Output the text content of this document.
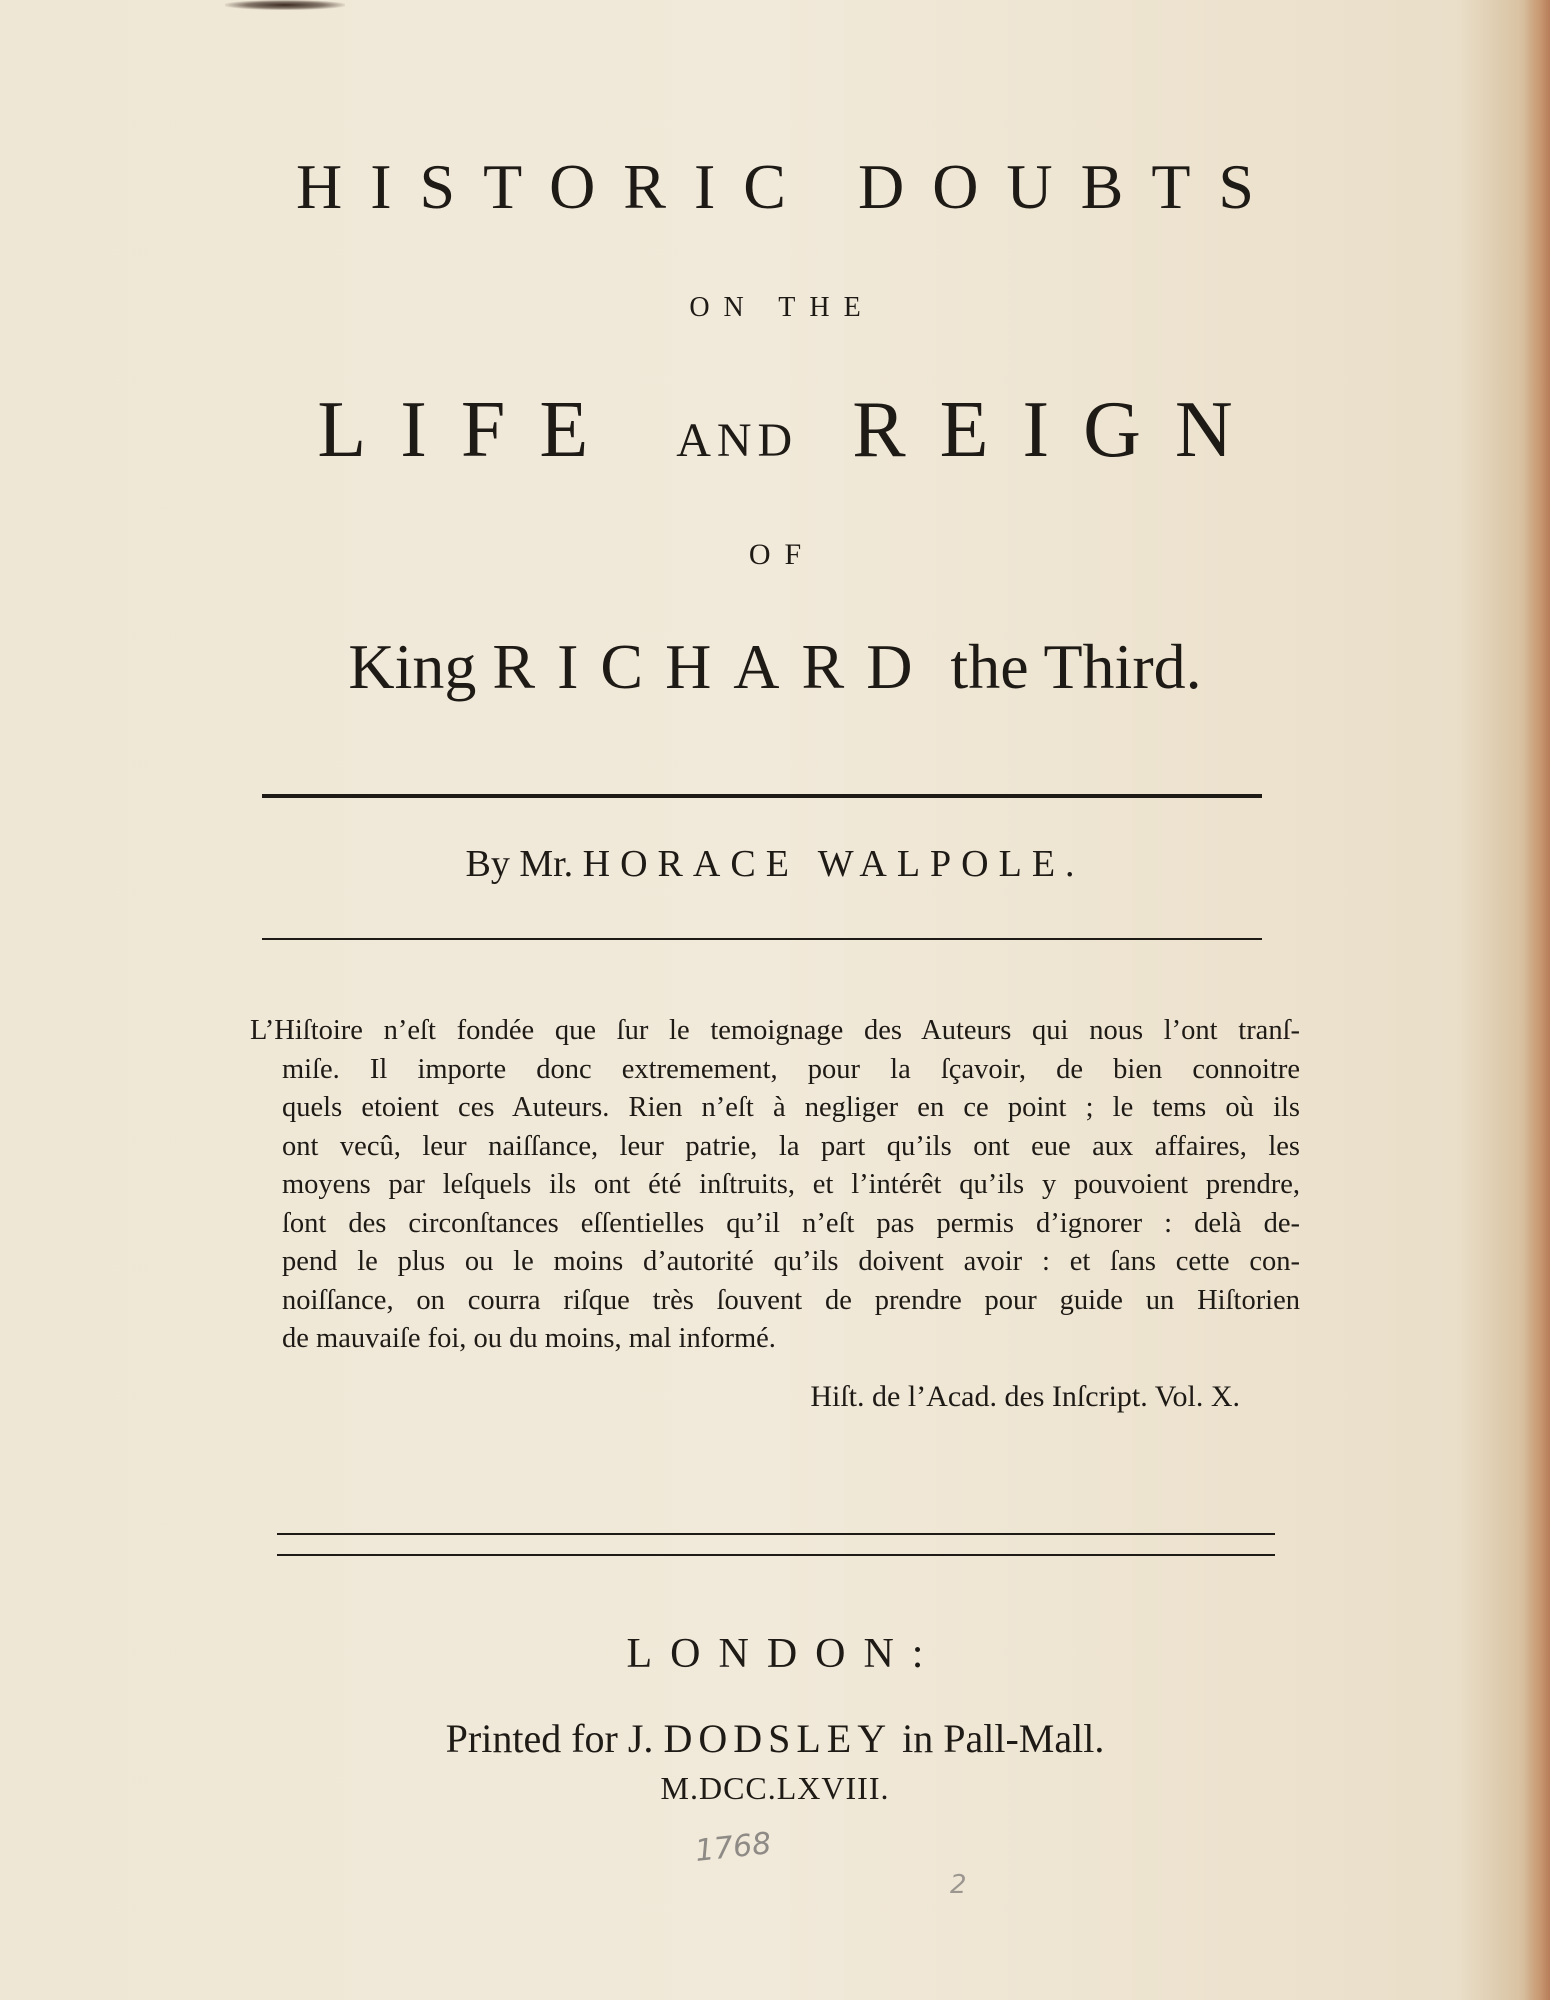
HISTORIC DOUBTS
ON THE
LIFE AND REIGN
OF
King RICHARD the Third.
By Mr. HORACE WALPOLE.
L’Hiſtoire n’eſt fondée que ſur le temoignage des Auteurs qui nous l’ont tranſ-
miſe. Il importe donc extremement, pour la ſçavoir, de bien connoitre
quels etoient ces Auteurs. Rien n’eſt à negliger en ce point ; le tems où ils
ont vecû, leur naiſſance, leur patrie, la part qu’ils ont eue aux affaires, les
moyens par leſquels ils ont été inſtruits, et l’intérêt qu’ils y pouvoient prendre,
ſont des circonſtances eſſentielles qu’il n’eſt pas permis d’ignorer : delà de-
pend le plus ou le moins d’autorité qu’ils doivent avoir : et ſans cette con-
noiſſance, on courra riſque très ſouvent de prendre pour guide un Hiſtorien
de mauvaiſe foi, ou du moins, mal informé.
Hiſt. de l’Acad. des Inſcript. Vol. X.
LONDON:
Printed for J. DODSLEY in Pall-Mall.
M.DCC.LXVIII.
1768
2
